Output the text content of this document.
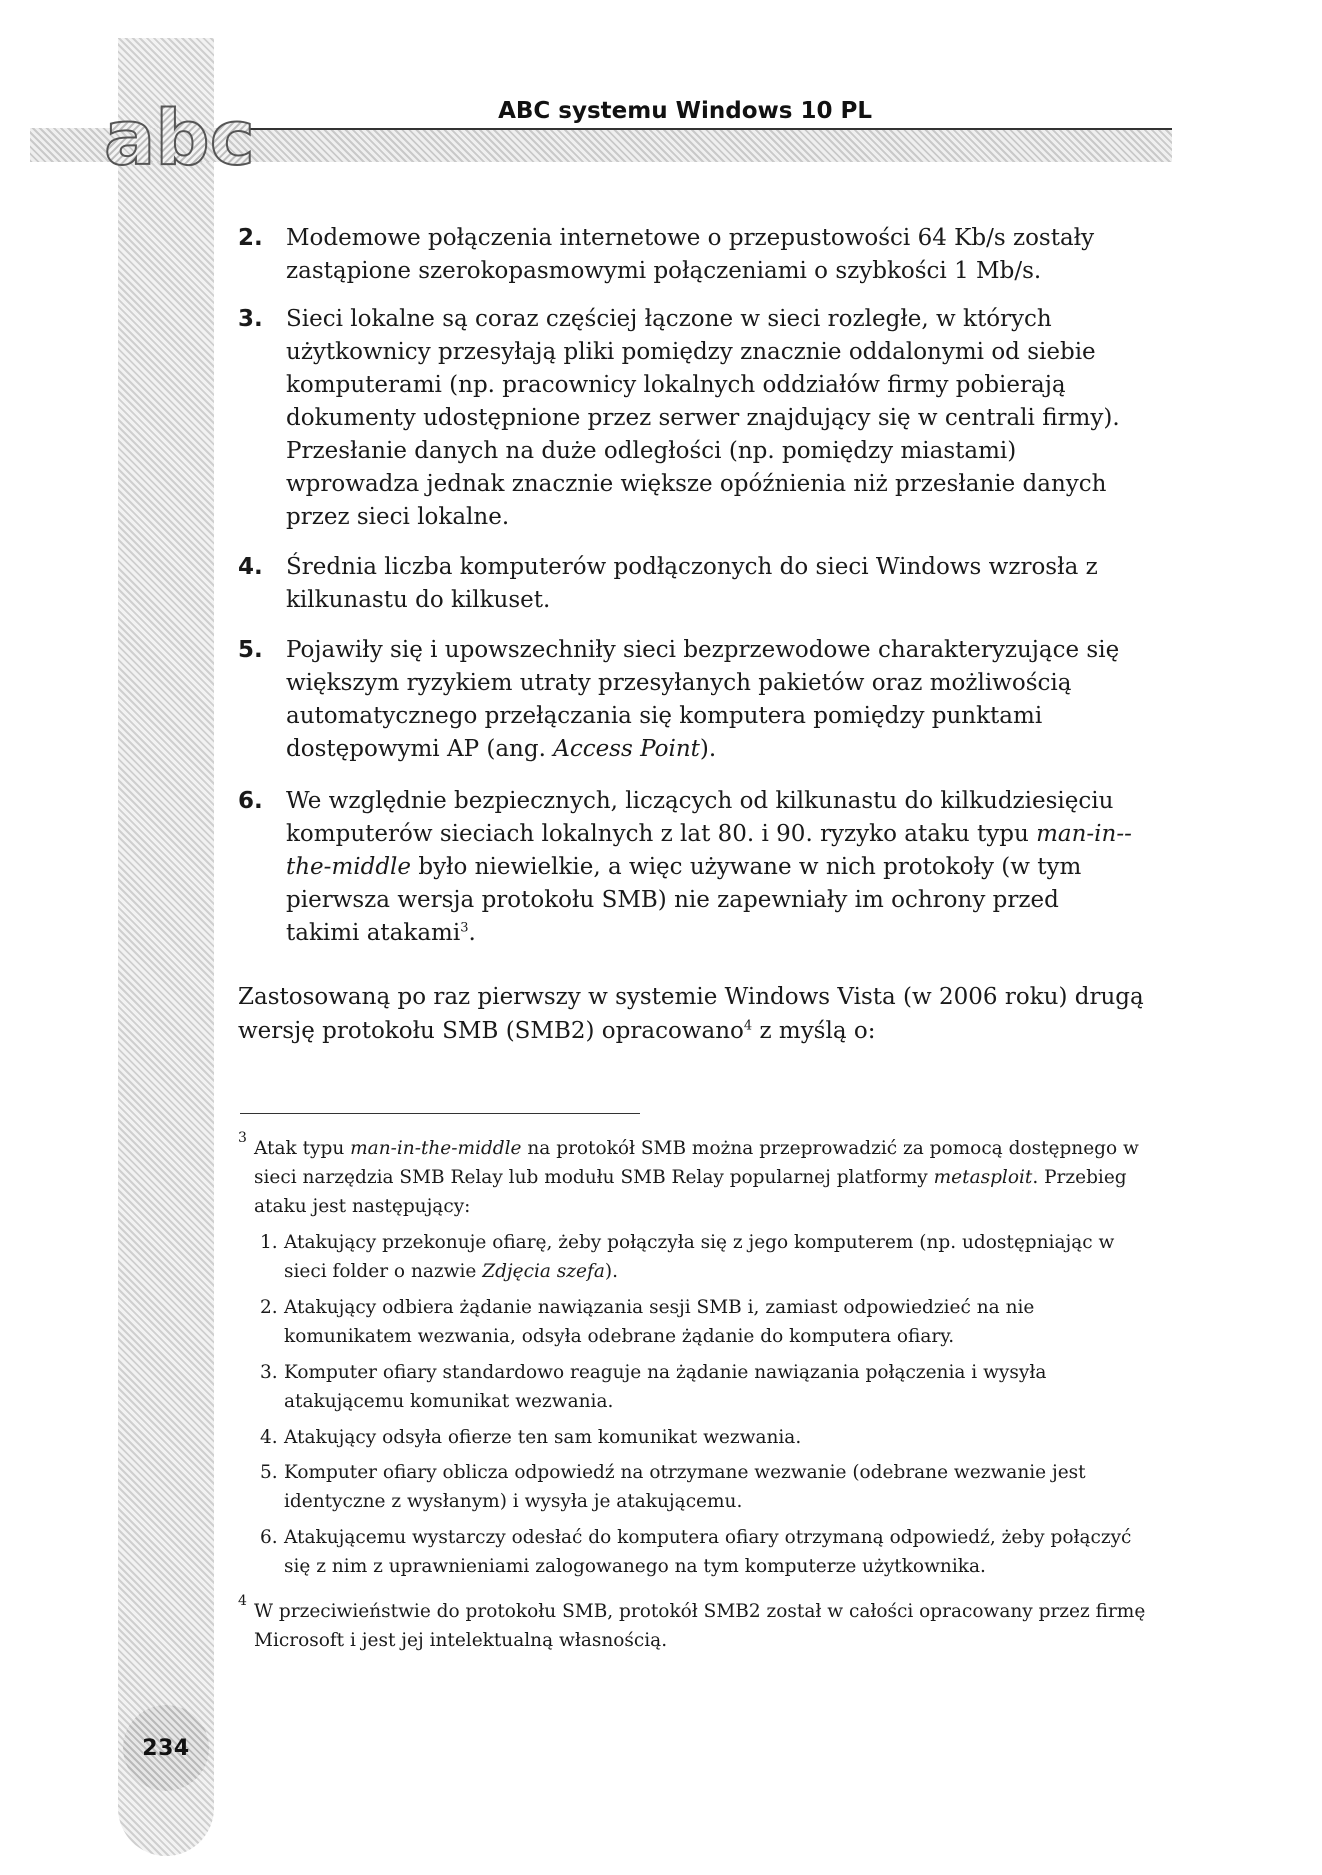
ABC systemu Windows 10 PL
abc
2. Modemowe połączenia internetowe o przepustowości 64 Kb/s zostały zastąpione szerokopasmowymi połączeniami o szybkości 1 Mb/s.
3. Sieci lokalne są coraz częściej łączone w sieci rozległe, w których użytkownicy przesyłają pliki pomiędzy znacznie oddalonymi od siebie komputerami (np. pracownicy lokalnych oddziałów firmy pobierają dokumenty udostępnione przez serwer znajdujący się w centrali firmy). Przesłanie danych na duże odległości (np. pomiędzy miastami) wprowadza jednak znacznie większe opóźnienia niż przesłanie danych przez sieci lokalne.
4. Średnia liczba komputerów podłączonych do sieci Windows wzrosła z kilkunastu do kilkuset.
5. Pojawiły się i upowszechniły sieci bezprzewodowe charakteryzujące się większym ryzykiem utraty przesyłanych pakietów oraz możliwością automatycznego przełączania się komputera pomiędzy punktami dostępowymi AP (ang. Access Point).
6. We względnie bezpiecznych, liczących od kilkunastu do kilkudziesięciu komputerów sieciach lokalnych z lat 80. i 90. ryzyko ataku typu man-in--the-middle było niewielkie, a więc używane w nich protokoły (w tym pierwsza wersja protokołu SMB) nie zapewniały im ochrony przed takimi atakami$^3$.
Zastosowaną po raz pierwszy w systemie Windows Vista (w 2006 roku) drugą wersję protokołu SMB (SMB2) opracowano$^4$ z myślą o:
3 Atak typu man-in-the-middle na protokół SMB można przeprowadzić za pomocą dostępnego w sieci narzędzia SMB Relay lub modułu SMB Relay popularnej platformy metasploit. Przebieg ataku jest następujący:
1. Atakujący przekonuje ofiarę, żeby połączyła się z jego komputerem (np. udostępniając w sieci folder o nazwie Zdjęcia szefa).
2. Atakujący odbiera żądanie nawiązania sesji SMB i, zamiast odpowiedzieć na nie komunikatem wezwania, odsyła odebrane żądanie do komputera ofiary.
3. Komputer ofiary standardowo reaguje na żądanie nawiązania połączenia i wysyła atakującemu komunikat wezwania.
4. Atakujący odsyła ofierze ten sam komunikat wezwania.
5. Komputer ofiary oblicza odpowiedź na otrzymane wezwanie (odebrane wezwanie jest identyczne z wysłanym) i wysyła je atakującemu.
6. Atakującemu wystarczy odesłać do komputera ofiary otrzymaną odpowiedź, żeby połączyć się z nim z uprawnieniami zalogowanego na tym komputerze użytkownika.
4 W przeciwieństwie do protokołu SMB, protokół SMB2 został w całości opracowany przez firmę Microsoft i jest jej intelektualną własnością.
234
